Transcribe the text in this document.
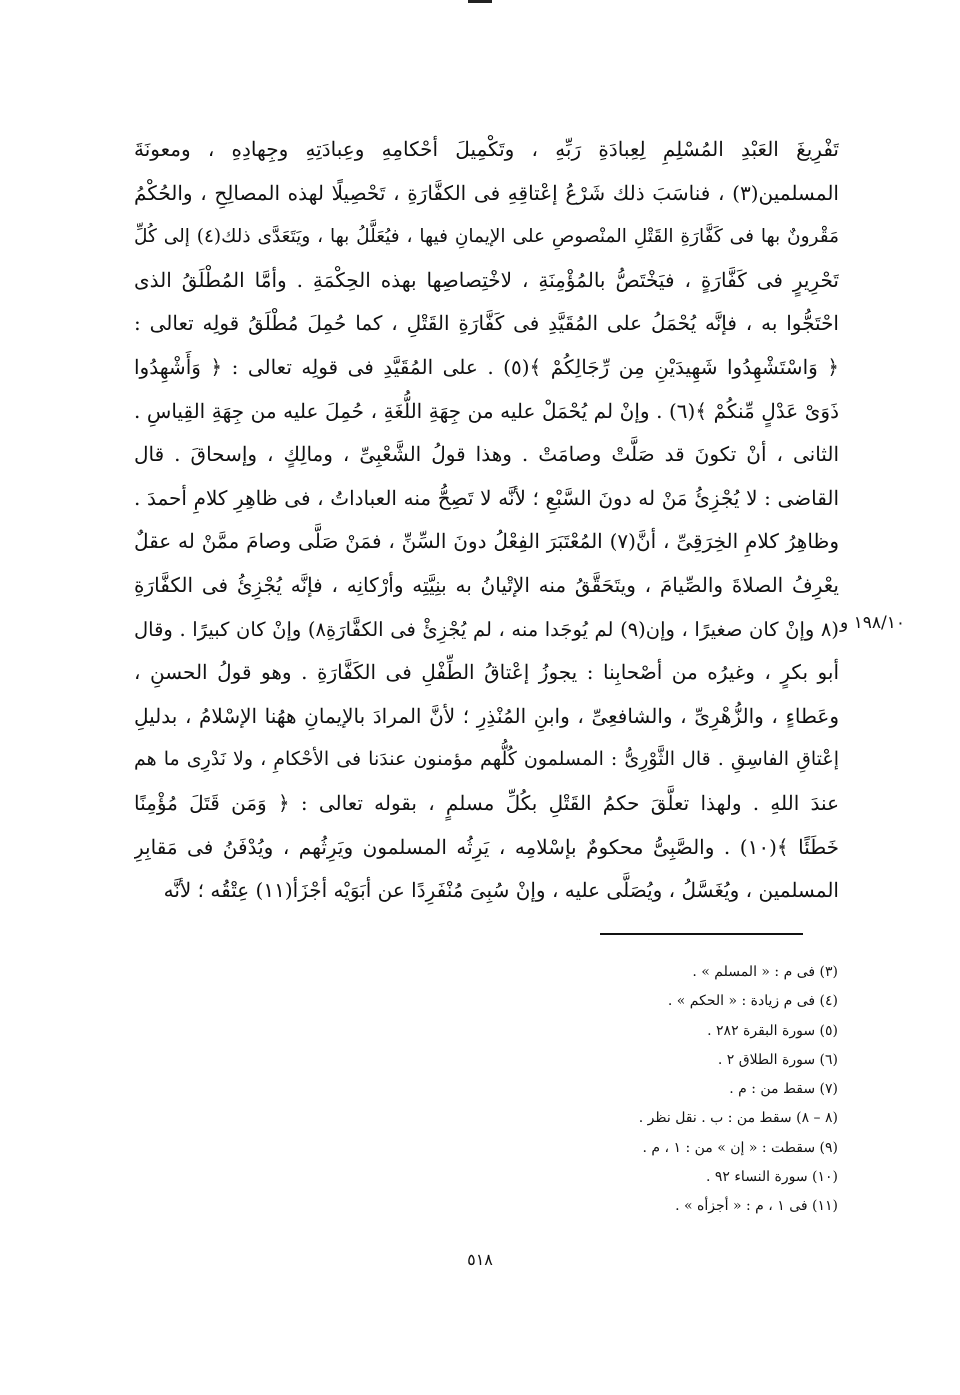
تَفْرِيغَ العَبْدِ المُسْلِمِ لِعِبادَةِ رَبِّهِ ، وتَكْمِيلَ أحْكامِهِ وعِبادَتِهِ وجِهادِهِ ، ومعونَةَ
المسلمين(٣) ، فناسَبَ ذلك شَرْعُ إعْتاقِهِ فى الكفَّارَةِ ، تَحْصِيلًا لهذه المصالِحِ ، والحُكْمُ
مَقْرونٌ بها فى كَفَّارَةِ القَتْلِ المنْصوصِ على الإيمانِ فيها ، فيُعَلَّلُ بها ، ويَتَعَدَّى ذلك(٤) إلى كُلِّ
تَحْرِيرٍ فى كَفَّارَةٍ ، فيَخْتَصُّ بالمُؤْمِنَةِ ، لاخْتِصاصِها بهذه الحِكْمَةِ . وأمَّا المُطْلَقُ الذى
احْتَجُّوا به ، فإنَّه يُحْمَلُ على المُقَيَّدِ فى كَفَّارَةِ القَتْلِ ، كما حُمِلَ مُطْلَقُ قولِه تعالى :
﴿ وَاسْتَشْهِدُوا شَهِيدَيْنِ مِن رِّجَالِكُمْ ﴾(٥) . على المُقَيَّدِ فى قولِه تعالى : ﴿ وَأَشْهِدُوا
ذَوَىْ عَدْلٍ مِّنكُمْ ﴾(٦) . وإنْ لم يُحْمَلْ عليه من جِهَةِ اللُّغَةِ ، حُمِلَ عليه من جِهَةِ القِياسِ .
الثانى ، أنْ تكونَ قد صَلَّتْ وصامَتْ . وهذا قولُ الشَّعْبِىِّ ، ومالِكٍ ، وإسحاقَ . قال
القاضى : لا يُجْزِئُ مَنْ له دونَ السَّبْعِ ؛ لأنَّه لا تَصِحُّ منه العباداتُ ، فى ظاهِرِ كلامِ أحمدَ .
وظاهِرُ كلامِ الخِرَقِىِّ ، أنَّ(٧) المُعْتَبَرَ الفِعْلُ دونَ السِّنِّ ، فمَنْ صَلَّى وصامَ ممَّنْ له عقلٌ
يعْرِفُ الصلاةَ والصِّيامَ ، ويتَحَقَّقُ منه الإتْيانُ به بنِيَّتِه وأرْكانِه ، فإنَّه يُجْزِئُ فى الكفَّارَةِ
(٨ وإنْ كان صغيرًا ، وإن(٩) لم يُوجَدا منه ، لم يُجْزِئْ فى الكفَّارَةِ٨) وإنْ كان كبيرًا . وقال
أبو بكرٍ ، وغيرُه من أصْحابِنا : يجوزُ إعْتاقُ الطِّفْلِ فى الكَفَّارَةِ . وهو قولُ الحسنِ ،
وعَطاءٍ ، والزُّهْرِىِّ ، والشافعِىِّ ، وابنِ المُنْذِرِ ؛ لأنَّ المرادَ بالإيمانِ ههُنا الإسْلامُ ، بدليلِ
إعْتاقِ الفاسِقِ . قال الثَّوْرِىُّ : المسلمون كُلُّهم مؤمنون عندَنا فى الأحْكامِ ، ولا نَدْرِى ما هم
عندَ اللهِ . ولهذا تعلَّقَ حكمُ القَتْلِ بكُلِّ مسلمٍ ، بقوله تعالى : ﴿ وَمَن قَتَلَ مُؤْمِنًا
خَطَئًا ﴾(١٠) . والصَّبِىُّ محكومٌ بإسْلامِه ، يَرِثُه المسلمون ويَرِثُهم ، ويُدْفَنُ فى مَقابِرِ
المسلمين ، ويُغَسَّلُ ، ويُصَلَّى عليه ، وإنْ سُبِىَ مُنْفَرِدًا عن أبَوَيْه أجْزَأ(١١) عِتْقُه ؛ لأنَّه
١٩٨/١٠ و
(٣) فى م : « المسلم » .
(٤) فى م زيادة : « الحكم » .
(٥) سورة البقرة ٢٨٢ .
(٦) سورة الطلاق ٢ .
(٧) سقط من : م .
(٨ – ٨) سقط من : ب . نقل نظر .
(٩) سقطت : « إن » من : ١ ، م .
(١٠) سورة النساء ٩٢ .
(١١) فى ١ ، م : « أجزأه » .
٥١٨
